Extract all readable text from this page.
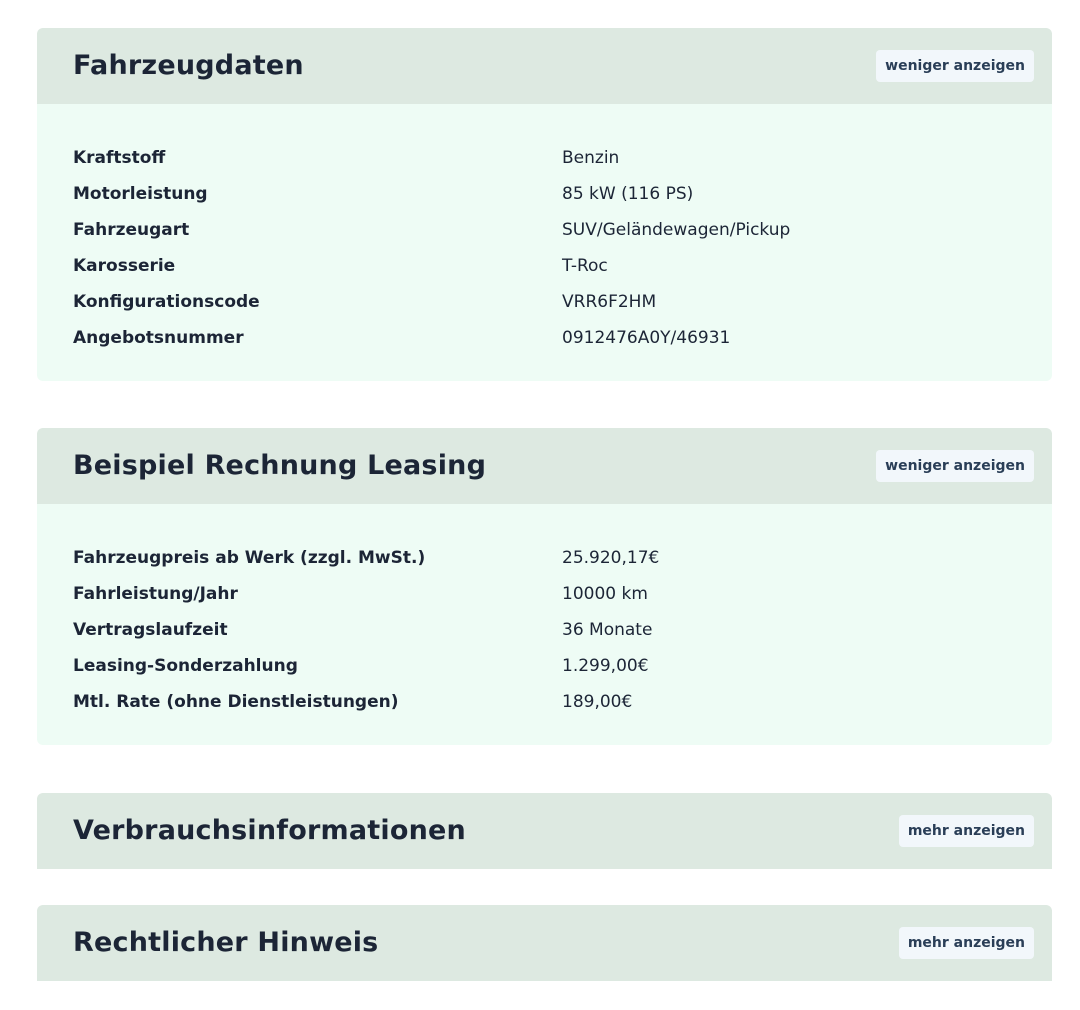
Fahrzeugdaten	weniger anzeigen
Kraftstoff	Benzin
Motorleistung	85 kW (116 PS)
Fahrzeugart	SUV/Geländewagen/Pickup
Karosserie	T-Roc
Konfigurationscode	VRR6F2HM
Angebotsnummer	0912476A0Y/46931
Beispiel Rechnung Leasing	weniger anzeigen
Fahrzeugpreis ab Werk (zzgl. MwSt.)	25.920,17€
Fahrleistung/Jahr	10000 km
Vertragslaufzeit	36 Monate
Leasing-Sonderzahlung	1.299,00€
Mtl. Rate (ohne Dienstleistungen)	189,00€
Verbrauchsinformationen	mehr anzeigen
Rechtlicher Hinweis	mehr anzeigen
